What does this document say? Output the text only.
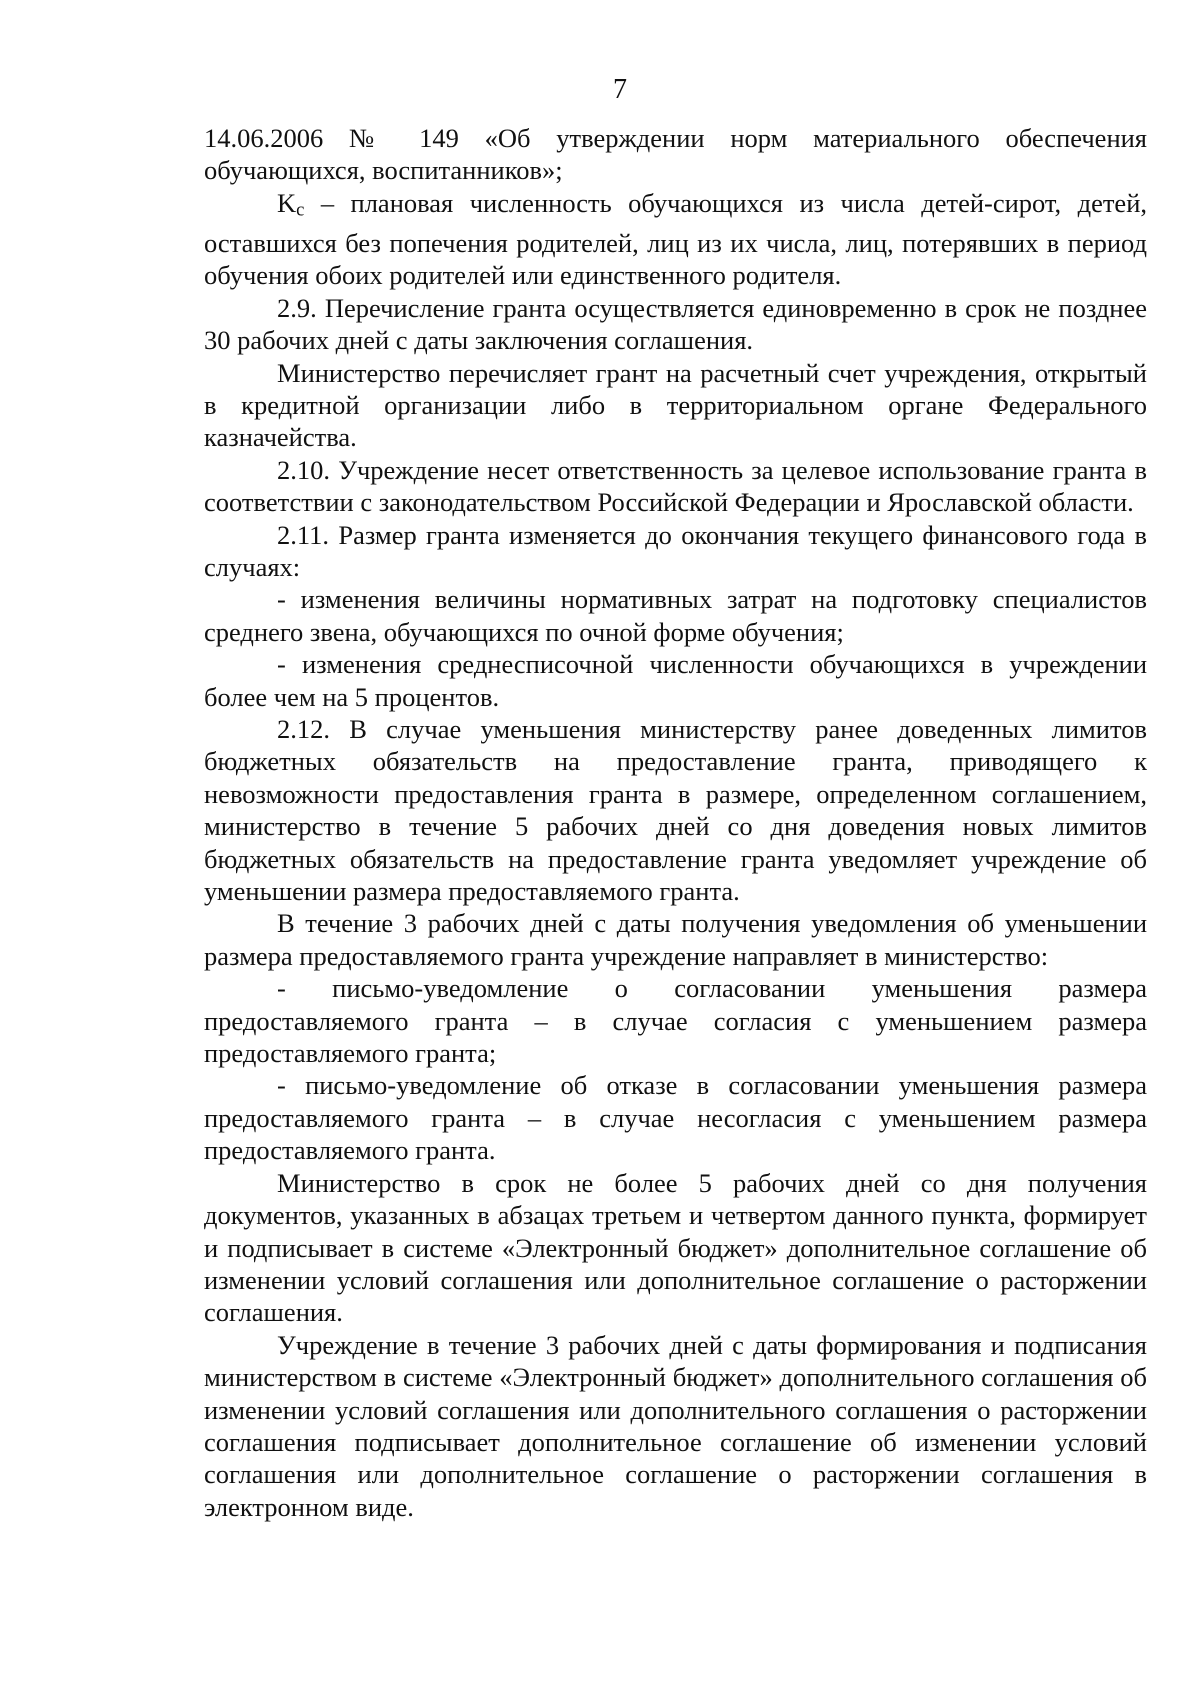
7

14.06.2006 № 149 «Об утверждении норм материального обеспечения обучающихся, воспитанников»;

Kc – плановая численность обучающихся из числа детей-сирот, детей, оставшихся без попечения родителей, лиц из их числа, лиц, потерявших в период обучения обоих родителей или единственного родителя.

2.9. Перечисление гранта осуществляется единовременно в срок не позднее 30 рабочих дней с даты заключения соглашения.

Министерство перечисляет грант на расчетный счет учреждения, открытый в кредитной организации либо в территориальном органе Федерального казначейства.

2.10. Учреждение несет ответственность за целевое использование гранта в соответствии с законодательством Российской Федерации и Ярославской области.

2.11. Размер гранта изменяется до окончания текущего финансового года в случаях:

- изменения величины нормативных затрат на подготовку специалистов среднего звена, обучающихся по очной форме обучения;

- изменения среднесписочной численности обучающихся в учреждении более чем на 5 процентов.

2.12. В случае уменьшения министерству ранее доведенных лимитов бюджетных обязательств на предоставление гранта, приводящего к невозможности предоставления гранта в размере, определенном соглашением, министерство в течение 5 рабочих дней со дня доведения новых лимитов бюджетных обязательств на предоставление гранта уведомляет учреждение об уменьшении размера предоставляемого гранта.

В течение 3 рабочих дней с даты получения уведомления об уменьшении размера предоставляемого гранта учреждение направляет в министерство:

- письмо-уведомление о согласовании уменьшения размера предоставляемого гранта – в случае согласия с уменьшением размера предоставляемого гранта;

- письмо-уведомление об отказе в согласовании уменьшения размера предоставляемого гранта – в случае несогласия с уменьшением размера предоставляемого гранта.

Министерство в срок не более 5 рабочих дней со дня получения документов, указанных в абзацах третьем и четвертом данного пункта, формирует и подписывает в системе «Электронный бюджет» дополнительное соглашение об изменении условий соглашения или дополнительное соглашение о расторжении соглашения.

Учреждение в течение 3 рабочих дней с даты формирования и подписания министерством в системе «Электронный бюджет» дополнительного соглашения об изменении условий соглашения или дополнительного соглашения о расторжении соглашения подписывает дополнительное соглашение об изменении условий соглашения или дополнительное соглашение о расторжении соглашения в электронном виде.
